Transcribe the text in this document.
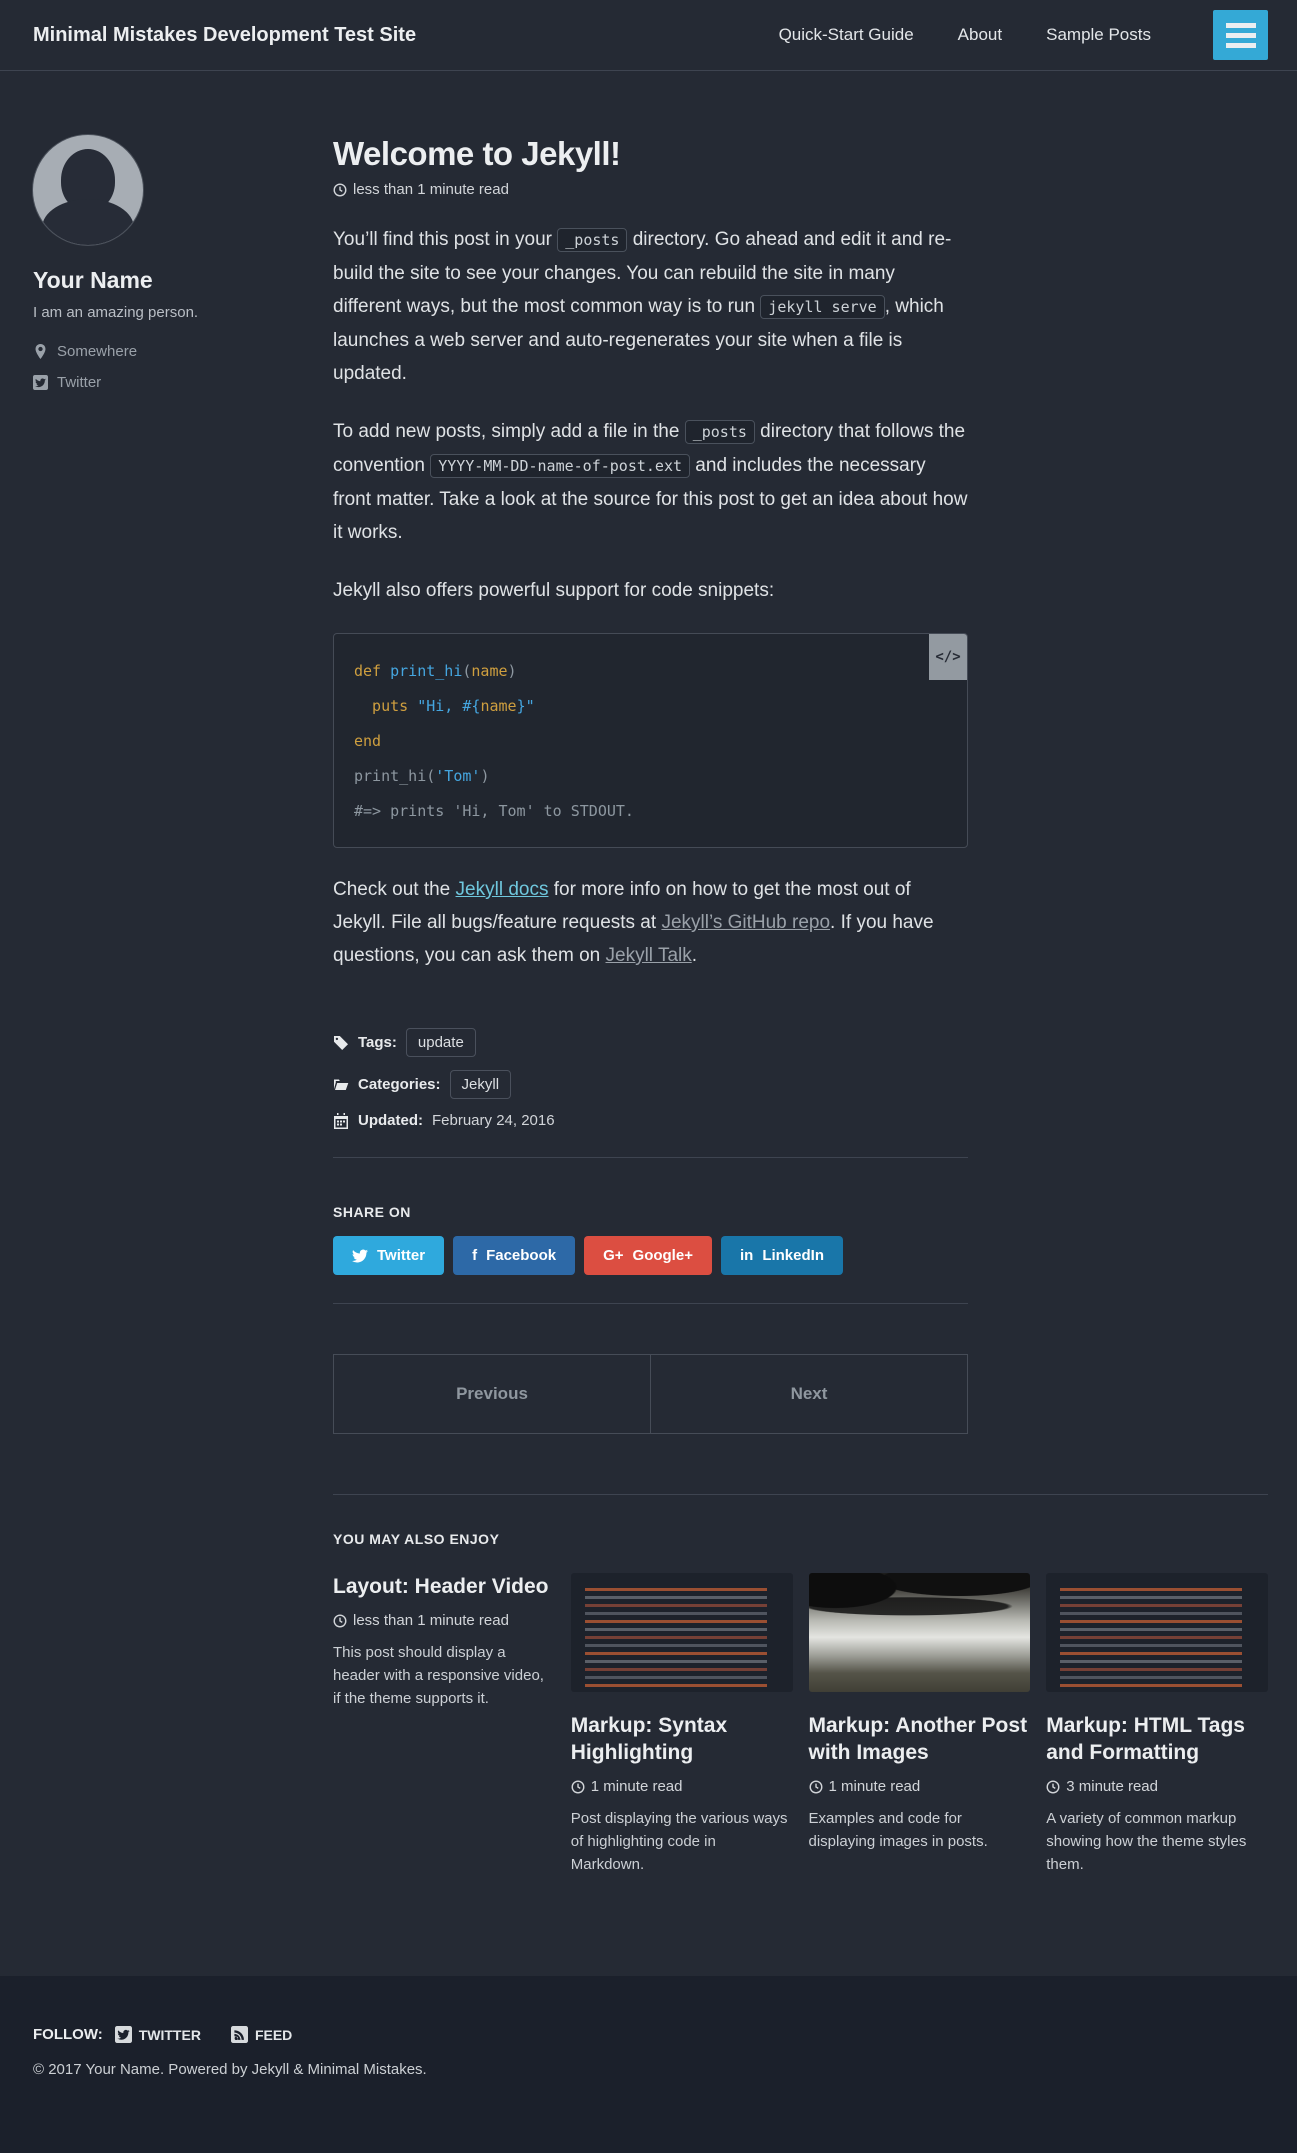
Minimal Mistakes Development Test Site	Quick-Start Guide	About	Sample Posts
Your Name
I am an amazing person.
Somewhere
Twitter
Welcome to Jekyll!
less than 1 minute read

You’ll find this post in your _posts directory. Go ahead and edit it and re-build the site to see your changes. You can rebuild the site in many different ways, but the most common way is to run jekyll serve , which launches a web server and auto-regenerates your site when a file is updated.

To add new posts, simply add a file in the _posts directory that follows the convention YYYY-MM-DD-name-of-post.ext and includes the necessary front matter. Take a look at the source for this post to get an idea about how it works.

Jekyll also offers powerful support for code snippets:

</>
def print_hi(name)
puts "Hi, #{name}"
end
print_hi('Tom')
#=> prints 'Hi, Tom' to STDOUT.

Check out the Jekyll docs for more info on how to get the most out of Jekyll. File all bugs/feature requests at Jekyll’s GitHub repo. If you have questions, you can ask them on Jekyll Talk.

Tags:	update
Categories:	Jekyll
Updated: February 24, 2016
SHARE ON
Twitter	f Facebook	G+ Google+	in LinkedIn
Previous	Next
YOU MAY ALSO ENJOY
Layout: Header Video
less than 1 minute read

This post should display a header with a responsive video, if the theme supports it.

Markup: Syntax Highlighting
1 minute read

Post displaying the various ways of highlighting code in Markdown.

Markup: Another Post with Images
1 minute read

Examples and code for displaying images in posts.

Markup: HTML Tags and Formatting
3 minute read

A variety of common markup showing how the theme styles them.

FOLLOW:	TWITTER	FEED
© 2017 Your Name. Powered by Jekyll & Minimal Mistakes.
